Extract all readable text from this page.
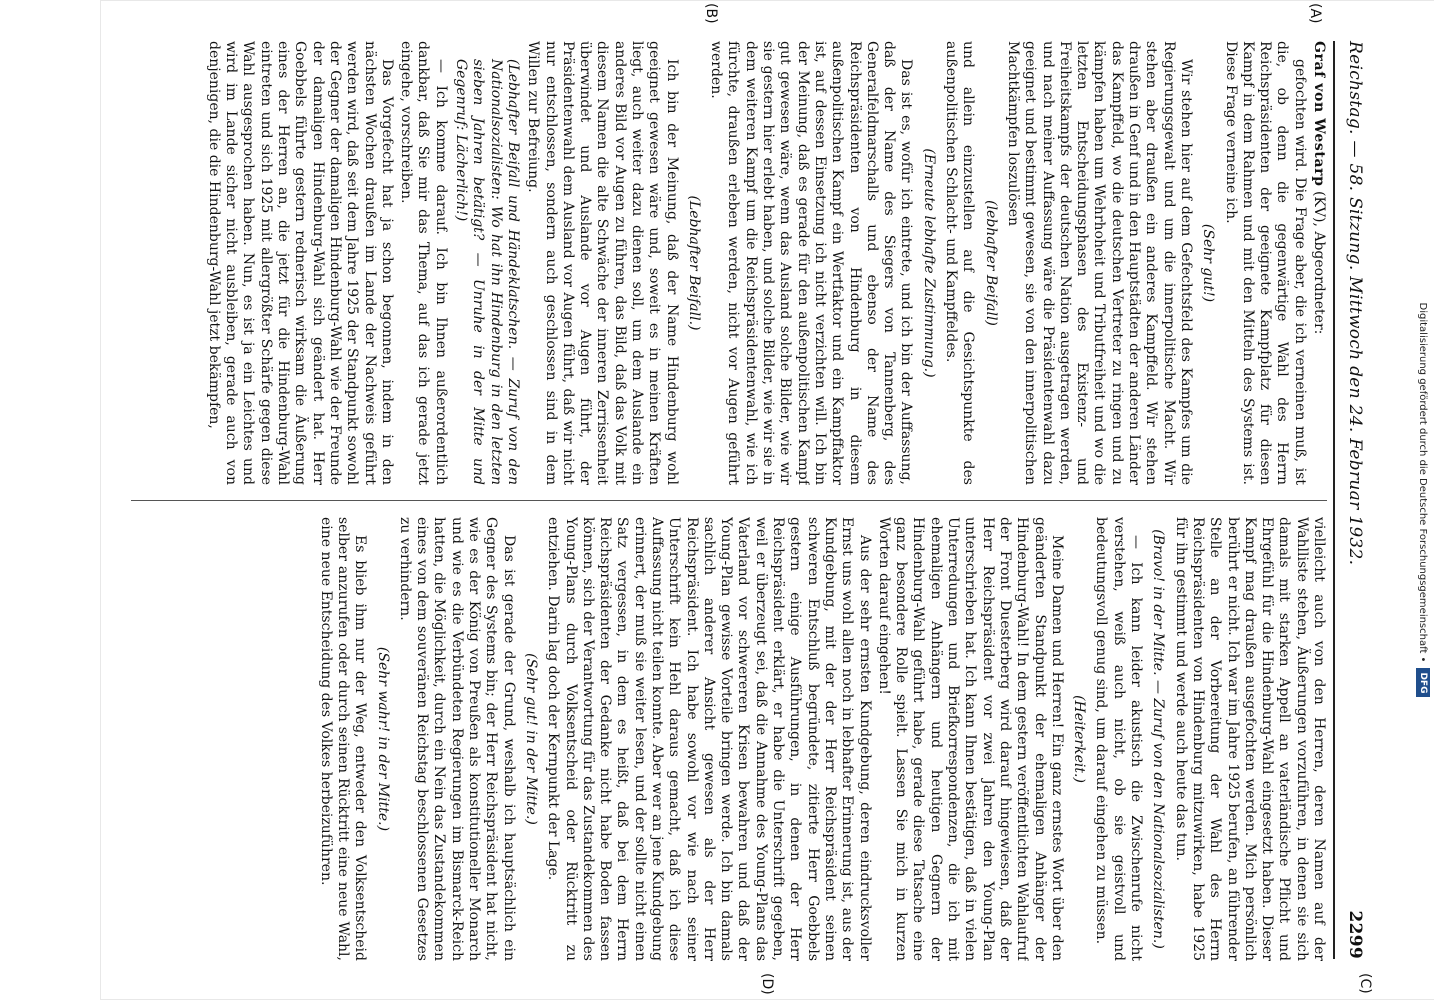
Reichstag. — 58. Sitzung. Mittwoch den 24. Februar 1932.
2299
(A)
(B)
(C)
(D)

Graf von Westarp (KV), Abgeordneter:

gefochten wird. Die Frage aber, die ich verneinen muß, ist die, ob denn die gegenwärtige Wahl des Herrn Reichspräsidenten der geeignete Kampfplatz für diesen Kampf in dem Rahmen und mit den Mitteln des Systems ist. Diese Frage verneine ich.

(Sehr gut!)

Wir stehen hier auf dem Gefechtsfeld des Kampfes um die Regierungsgewalt und um die innerpolitische Macht. Wir stehen aber draußen ein anderes Kampffeld. Wir stehen draußen in Genf und in den Hauptstädten der anderen Länder das Kampffeld, wo die deutschen Vertreter zu ringen und zu kämpfen haben um Wehrhoheit und Tributfreiheit und wo die letzten Entscheidungsphasen des Existenz- und Freiheitskampfs der deutschen Nation ausgetragen werden, und nach meiner Auffassung wäre die Präsidentenwahl dazu geeignet und bestimmt gewesen, sie von den innerpolitischen Machtkämpfen loszulösen

(lebhafter Beifall)

und allein einzustellen auf die Gesichtspunkte des außenpolitischen Schlacht- und Kampffeldes.

(Erneute lebhafte Zustimmung.)

Das ist es, wofür ich eintrete, und ich bin der Auffassung, daß der Name des Siegers von Tannenberg, des Generalfeldmarschalls und ebenso der Name des Reichspräsidenten von Hindenburg in diesem außenpolitischen Kampf ein Wertfaktor und ein Kampffaktor ist, auf dessen Einsetzung ich nicht verzichten will. Ich bin der Meinung, daß es gerade für den außenpolitischen Kampf gut gewesen wäre, wenn das Ausland solche Bilder, wie wir sie gestern hier erlebt haben, und solche Bilder, wie wir sie in dem weiteren Kampf um die Reichspräsidentenwahl, wie ich fürchte, draußen erleben werden, nicht vor Augen geführt werden.

(Lebhafter Beifall.)

Ich bin der Meinung, daß der Name Hindenburg wohl geeignet gewesen wäre und, soweit es in meinen Kräften liegt, auch weiter dazu dienen soll, um dem Auslande ein anderes Bild vor Augen zu führen, das Bild, daß das Volk mit diesem Namen die alte Schwäche der inneren Zerrissenheit überwindet und Auslande vor Augen führt, der Präsidentenwahl dem Ausland vor Augen führt, daß wir nicht nur entschlossen, sondern auch geschlossen sind in dem Willen zur Befreiung.

(Lebhafter Beifall und Händeklatschen. — Zuruf von den Nationalsozialisten: Wo hat ihn Hindenburg in den letzten sieben Jahren betätigt? — Unruhe in der Mitte und Gegenruf: Lächerlich!)

— Ich komme darauf. Ich bin Ihnen außerordentlich dankbar, daß Sie mir das Thema, auf das ich gerade jetzt eingehe, vorschreiben.

Das Vorgefecht hat ja schon begonnen, indem in den nächsten Wochen draußen im Lande der Nachweis geführt werden wird, daß seit dem Jahre 1925 der Standpunkt sowohl der Gegner der damaligen Hindenburg-Wahl wie der Freunde der damaligen Hindenburg-Wahl sich geändert hat. Herr Goebbels führte gestern rednerisch wirksam die Äußerung eines der Herren an, die jetzt für die Hindenburg-Wahl eintreten und sich 1925 mit allergrößter Schärfe gegen diese Wahl ausgesprochen haben. Nun, es ist ja ein Leichtes und wird im Lande sicher nicht ausbleiben, gerade auch von denjenigen, die die Hindenburg-Wahl jetzt bekämpfen,

vielleicht auch von den Herren, deren Namen auf der Wahlliste stehen, Äußerungen vorzuführen, in denen sie sich damals mit starken Appell an vaterländische Pflicht und Ehrgefühl für die Hindenburg-Wahl eingesetzt haben. Dieser Kampf mag draußen ausgefochten werden. Mich persönlich berührt er nicht. Ich war im Jahre 1925 berufen, an führender Stelle an der Vorbereitung der Wahl des Herrn Reichspräsidenten von Hindenburg mitzuwirken, habe 1925 für ihn gestimmt und werde auch heute das tun.

(Bravo! in der Mitte. — Zuruf von den Nationalsozialisten.)

— Ich kann leider akustisch die Zwischenrufe nicht verstehen, weiß auch nicht, ob sie geistvoll und bedeutungsvoll genug sind, um darauf eingehen zu müssen.

(Heiterkeit.)

Meine Damen und Herren! Ein ganz ernstes Wort über den geänderten Standpunkt der ehemaligen Anhänger der Hindenburg-Wahl! In dem gestern veröffentlichten Wahlaufruf der Front Duesterberg wird darauf hingewiesen, daß der Herr Reichspräsident vor zwei Jahren den Young-Plan unterschrieben hat. Ich kann Ihnen bestätigen, daß in vielen Unterredungen und Briefkorrespondenzen, die ich mit ehemaligen Anhängern und heutigen Gegnern der Hindenburg-Wahl geführt habe, gerade diese Tatsache eine ganz besondere Rolle spielt. Lassen Sie mich in kurzen Worten darauf eingehen!

Aus der sehr ernsten Kundgebung, deren eindrucksvoller Ernst uns wohl allen noch in lebhafter Erinnerung ist, aus der Kundgebung, mit der der Herr Reichspräsident seinen schweren Entschluß begründete, zitierte Herr Goebbels gestern einige Ausführungen, in denen der Herr Reichspräsident erklärt, er habe die Unterschrift gegeben, weil er überzeugt sei, daß die Annahme des Young-Plans das Vaterland vor schwereren Krisen bewahren und daß der Young-Plan gewisse Vorteile bringen werde. Ich bin damals sachlich anderer Ansicht gewesen als der Herr Reichspräsident. Ich habe sowohl vor wie nach seiner Unterschrift kein Hehl daraus gemacht, daß ich diese Auffassung nicht teilen konnte. Aber wer an jene Kundgebung erinnert, der muß sie weiter lesen, und der sollte nicht einen Satz vergessen, in dem es heißt, daß bei dem Herrn Reichspräsidenten der Gedanke nicht habe Boden fassen können, sich der Verantwortung für das Zustandekommen des Young-Plans durch Volksentscheid oder Rücktritt zu entziehen. Darin lag doch der Kernpunkt der Lage.

(Sehr gut! in der Mitte.)

Das ist gerade der Grund, weshalb ich hauptsächlich ein Gegner des Systems bin; der Herr Reichspräsident hat nicht, wie es der König von Preußen als konstitutioneller Monarch und wie es die Verbündeten Regierungen im Bismarck-Reich hatten, die Möglichkeit, durch ein Nein das Zustandekommen eines von dem souveränen Reichstag beschlossenen Gesetzes zu verhindern.

(Sehr wahr! in der Mitte.)

Es blieb ihm nur der Weg, entweder den Volksentscheid selber anzurufen oder durch seinen Rücktritt eine neue Wahl, eine neue Entscheidung des Volkes herbeizuführen.

Digitalisierung gefördert durch die Deutsche Forschungsgemeinschaft •
DFG
